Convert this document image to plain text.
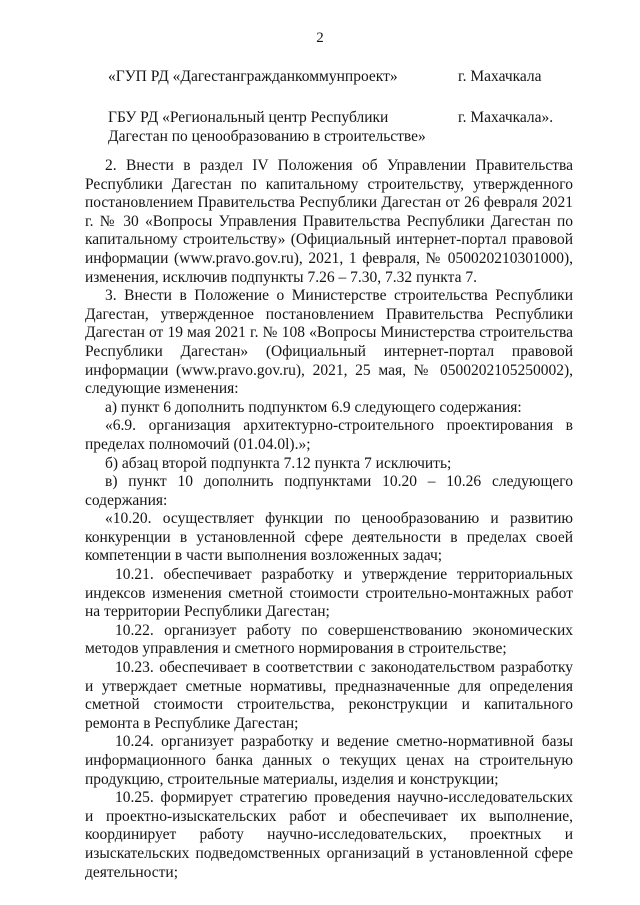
2
«ГУП РД «Дагестангражданкоммунпроект»	г. Махачкала
ГБУ РД «Региональный центр Республики
Дагестан по ценообразованию в строительстве»
г. Махачкала».

2. Внести в раздел IV Положения об Управлении Правительства Республики Дагестан по капитальному строительству, утвержденного постановлением Правительства Республики Дагестан от 26 февраля 2021 г. № 30 «Вопросы Управления Правительства Республики Дагестан по капитальному строительству» (Официальный интернет-портал правовой информации (www.pravo.gov.ru), 2021, 1 февраля, № 050020210301000), изменения, исключив подпункты 7.26 – 7.30, 7.32 пункта 7.

3. Внести в Положение о Министерстве строительства Республики Дагестан, утвержденное постановлением Правительства Республики Дагестан от 19 мая 2021 г. № 108 «Вопросы Министерства строительства Республики Дагестан» (Официальный интернет-портал правовой информации (www.pravo.gov.ru), 2021, 25 мая, № 0500202105250002), следующие изменения:

а) пункт 6 дополнить подпунктом 6.9 следующего содержания:

«6.9. организация архитектурно-строительного проектирования в пределах полномочий (01.04.0l).»;

б) абзац второй подпункта 7.12 пункта 7 исключить;

в) пункт 10 дополнить подпунктами 10.20 – 10.26 следующего содержания:

«10.20. осуществляет функции по ценообразованию и развитию конкуренции в установленной сфере деятельности в пределах своей компетенции в части выполнения возложенных задач;

10.21. обеспечивает разработку и утверждение территориальных индексов изменения сметной стоимости строительно-монтажных работ на территории Республики Дагестан;

10.22. организует работу по совершенствованию экономических методов управления и сметного нормирования в строительстве;

10.23. обеспечивает в соответствии с законодательством разработку и утверждает сметные нормативы, предназначенные для определения сметной стоимости строительства, реконструкции и капитального ремонта в Республике Дагестан;

10.24. организует разработку и ведение сметно-нормативной базы информационного банка данных о текущих ценах на строительную продукцию, строительные материалы, изделия и конструкции;

10.25. формирует стратегию проведения научно-исследовательских и проектно-изыскательских работ и обеспечивает их выполнение, координирует работу научно-исследовательских, проектных и изыскательских подведомственных организаций в установленной сфере деятельности;
